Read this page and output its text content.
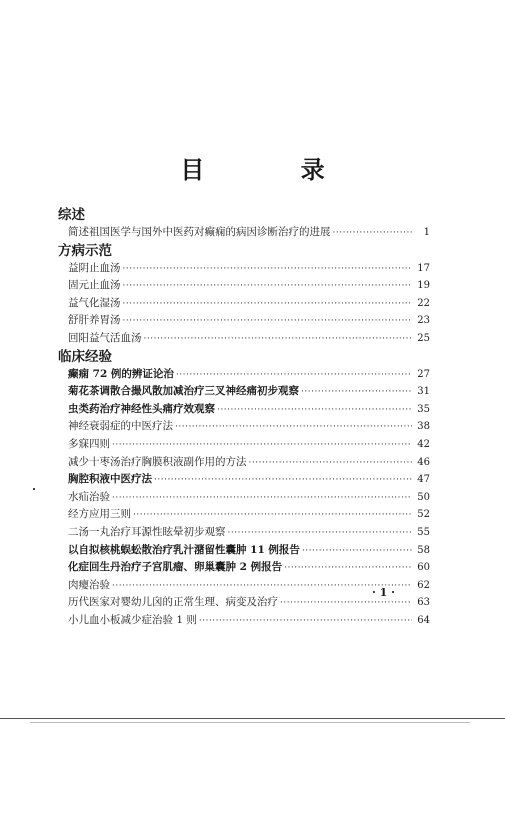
目 录
综述
简述祖国医学与国外中医药对癫痫的病因诊断治疗的进展 ·····	1
方病示范
益阴止血汤 ·····	17
固元止血汤 ·····	19
益气化湿汤 ·····	22
舒肝养胃汤 ·····	23
回阳益气活血汤 ·····	25
临床经验
癫痫 72 例的辨证论治 ·····	27
菊花茶调散合撮风散加减治疗三叉神经痛初步观察 ·····	31
虫类药治疗神经性头痛疗效观察 ·····	35
神经衰弱症的中医疗法 ·····	38
多寐四则 ·····	42
减少十枣汤治疗胸膜积液副作用的方法 ·····	46
胸腔积液中医疗法 ·····	47
水疝治验 ·····	50
经方应用三则 ·····	52
二汤一丸治疗耳源性眩晕初步观察 ·····	55
以自拟核桃蜈蚣散治疗乳汁潴留性囊肿 11 例报告 ·····	58
化症回生丹治疗子宫肌瘤、卵巢囊肿 2 例报告 ·····	60
肉瘿治验 ·····	62
历代医家对婴幼儿囟的正常生理、病变及治疗 ·····	63
小儿血小板减少症治验 1 则 ·····	64
· 1 ·
